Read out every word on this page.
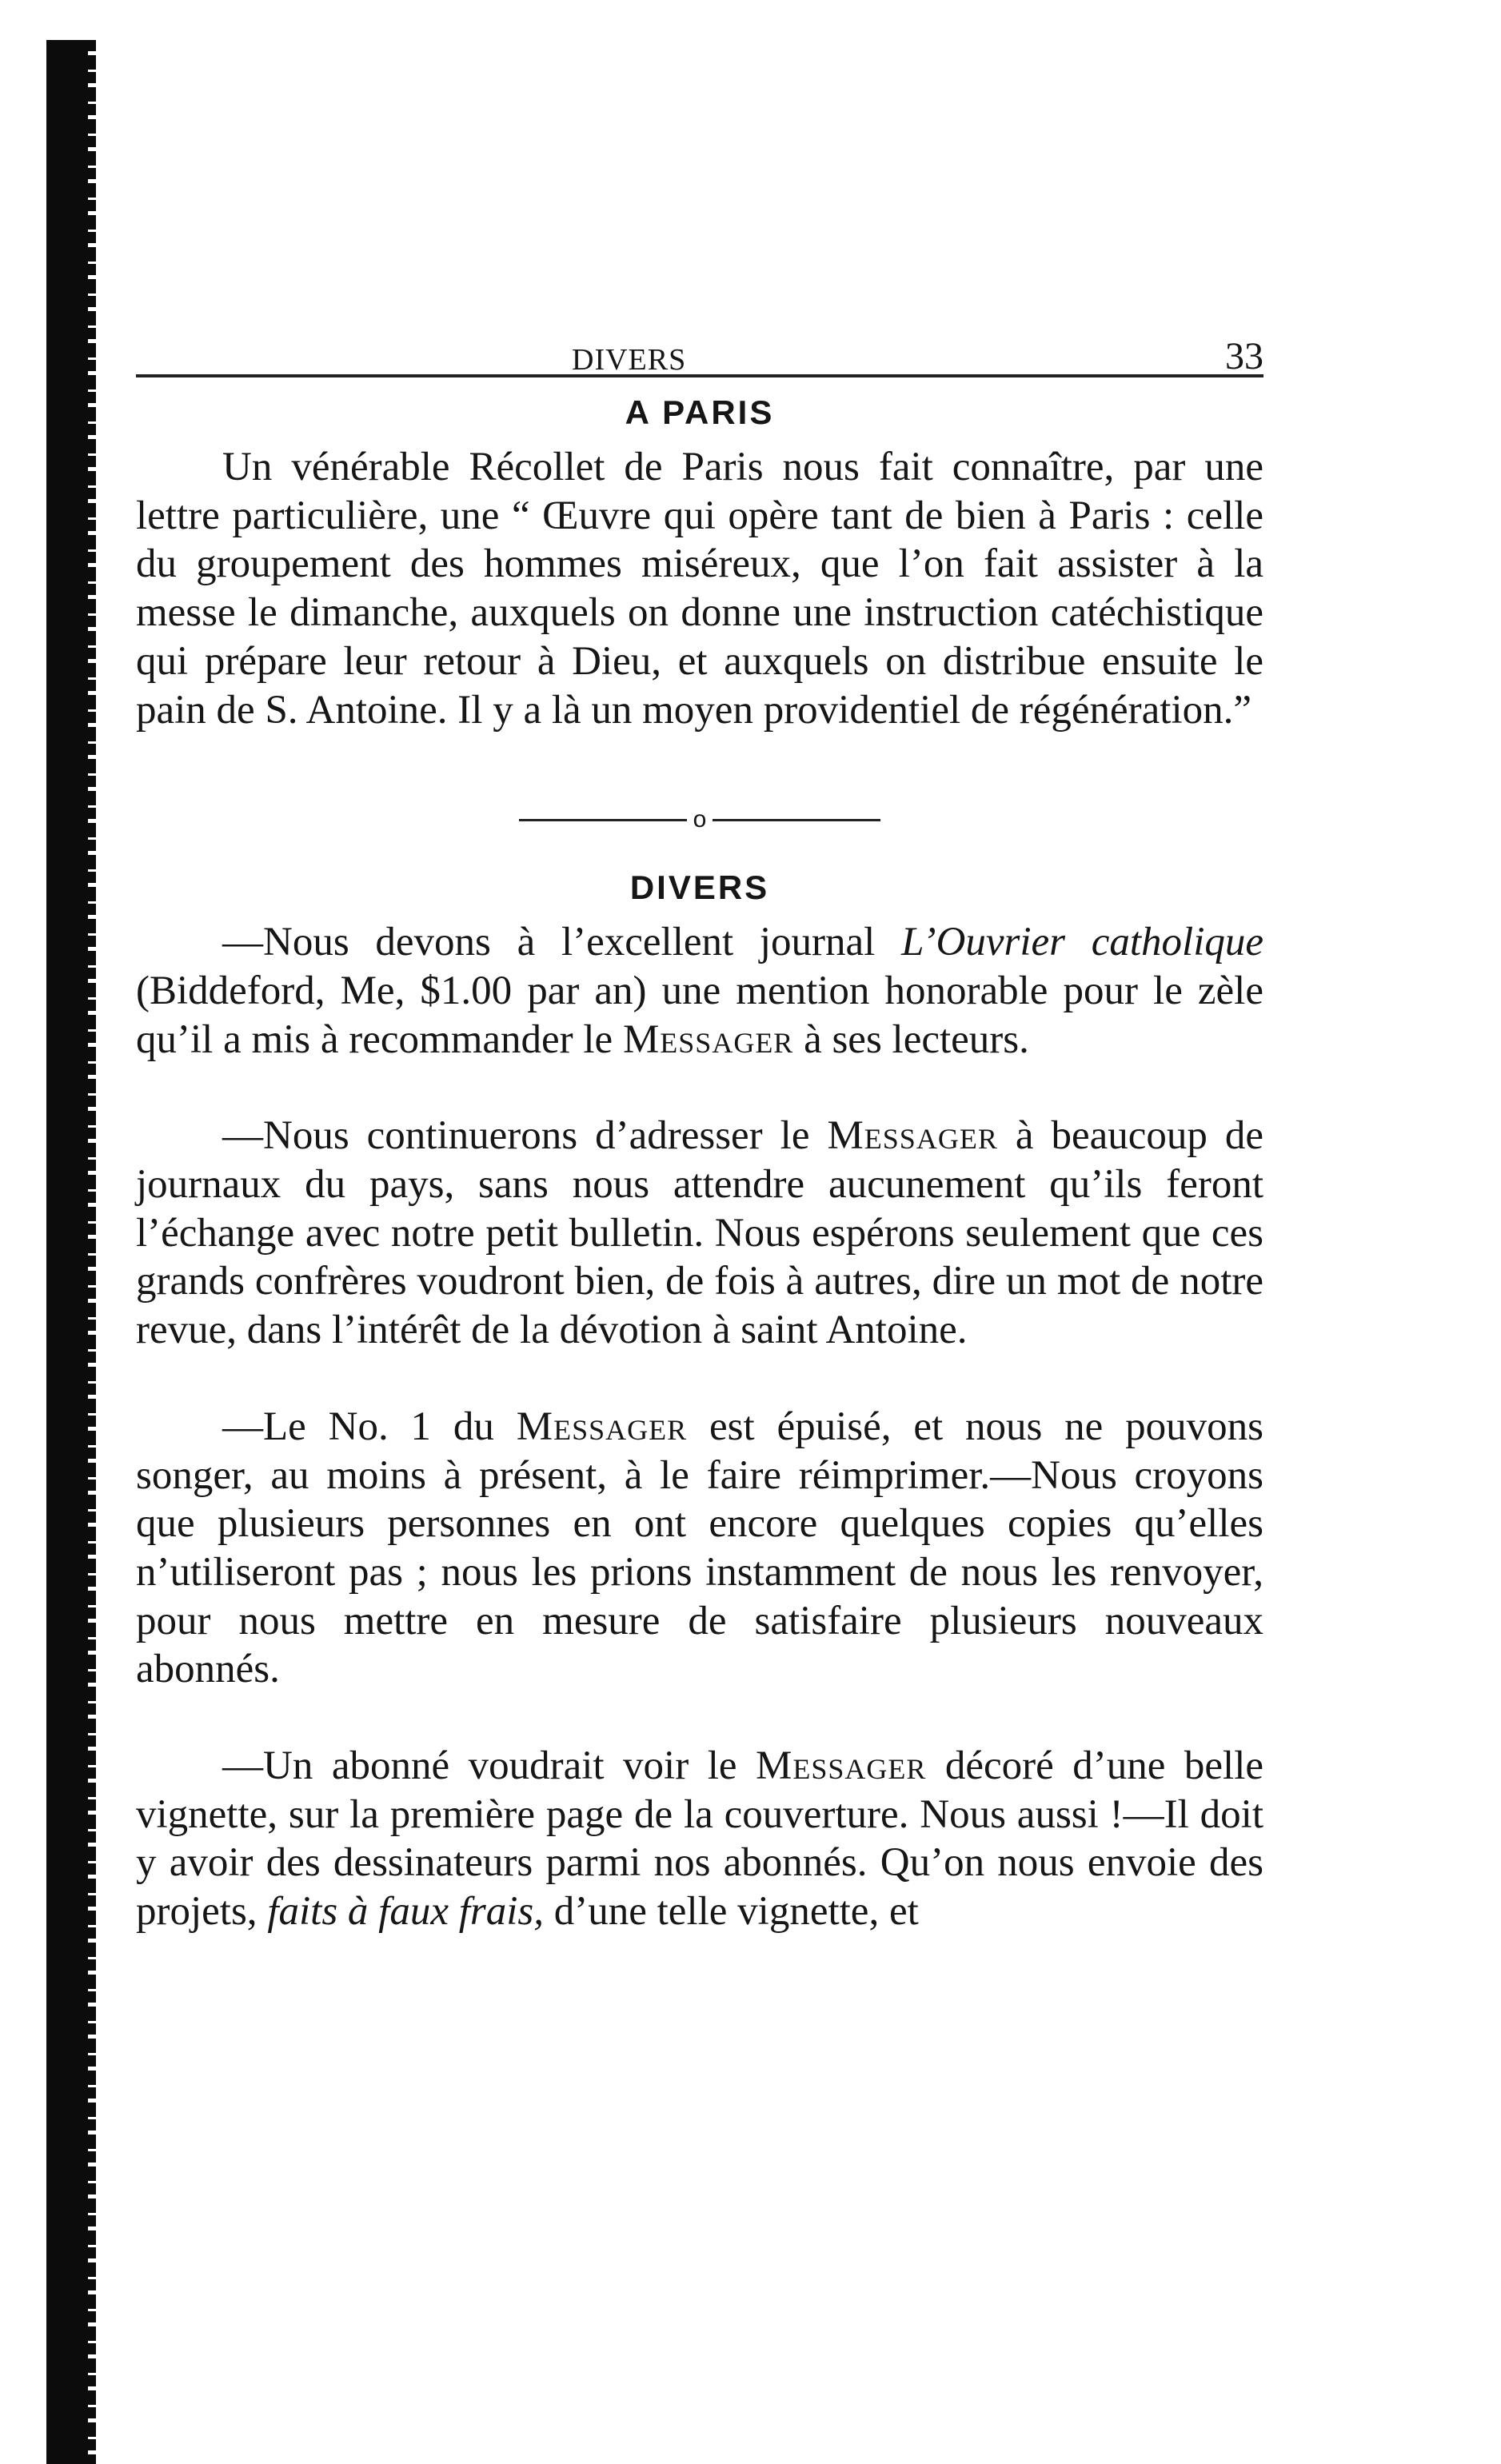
DIVERS	33
A PARIS

Un vénérable Récollet de Paris nous fait connaître, par une lettre particulière, une “ Œuvre qui opère tant de bien à Paris : celle du groupement des hommes miséreux, que l’on fait assister à la messe le dimanche, auxquels on donne une instruction catéchistique qui prépare leur retour à Dieu, et auxquels on distribue ensuite le pain de S. Antoine. Il y a là un moyen providentiel de régénération.”

o
DIVERS

—Nous devons à l’excellent journal L’Ouvrier catholique (Biddeford, Me, $1.00 par an) une mention honorable pour le zèle qu’il a mis à recommander le Messager à ses lecteurs.

—Nous continuerons d’adresser le Messager à beaucoup de journaux du pays, sans nous attendre aucunement qu’ils feront l’échange avec notre petit bulletin. Nous espérons seulement que ces grands confrères voudront bien, de fois à autres, dire un mot de notre revue, dans l’intérêt de la dévotion à saint Antoine.

—Le No. 1 du Messager est épuisé, et nous ne pouvons songer, au moins à présent, à le faire réimprimer.—Nous croyons que plusieurs personnes en ont encore quelques copies qu’elles n’utiliseront pas ; nous les prions instamment de nous les renvoyer, pour nous mettre en mesure de satisfaire plusieurs nouveaux abonnés.

—Un abonné voudrait voir le Messager décoré d’une belle vignette, sur la première page de la couverture. Nous aussi !—Il doit y avoir des dessinateurs parmi nos abonnés. Qu’on nous envoie des projets, faits à faux frais, d’une telle vignette, et
